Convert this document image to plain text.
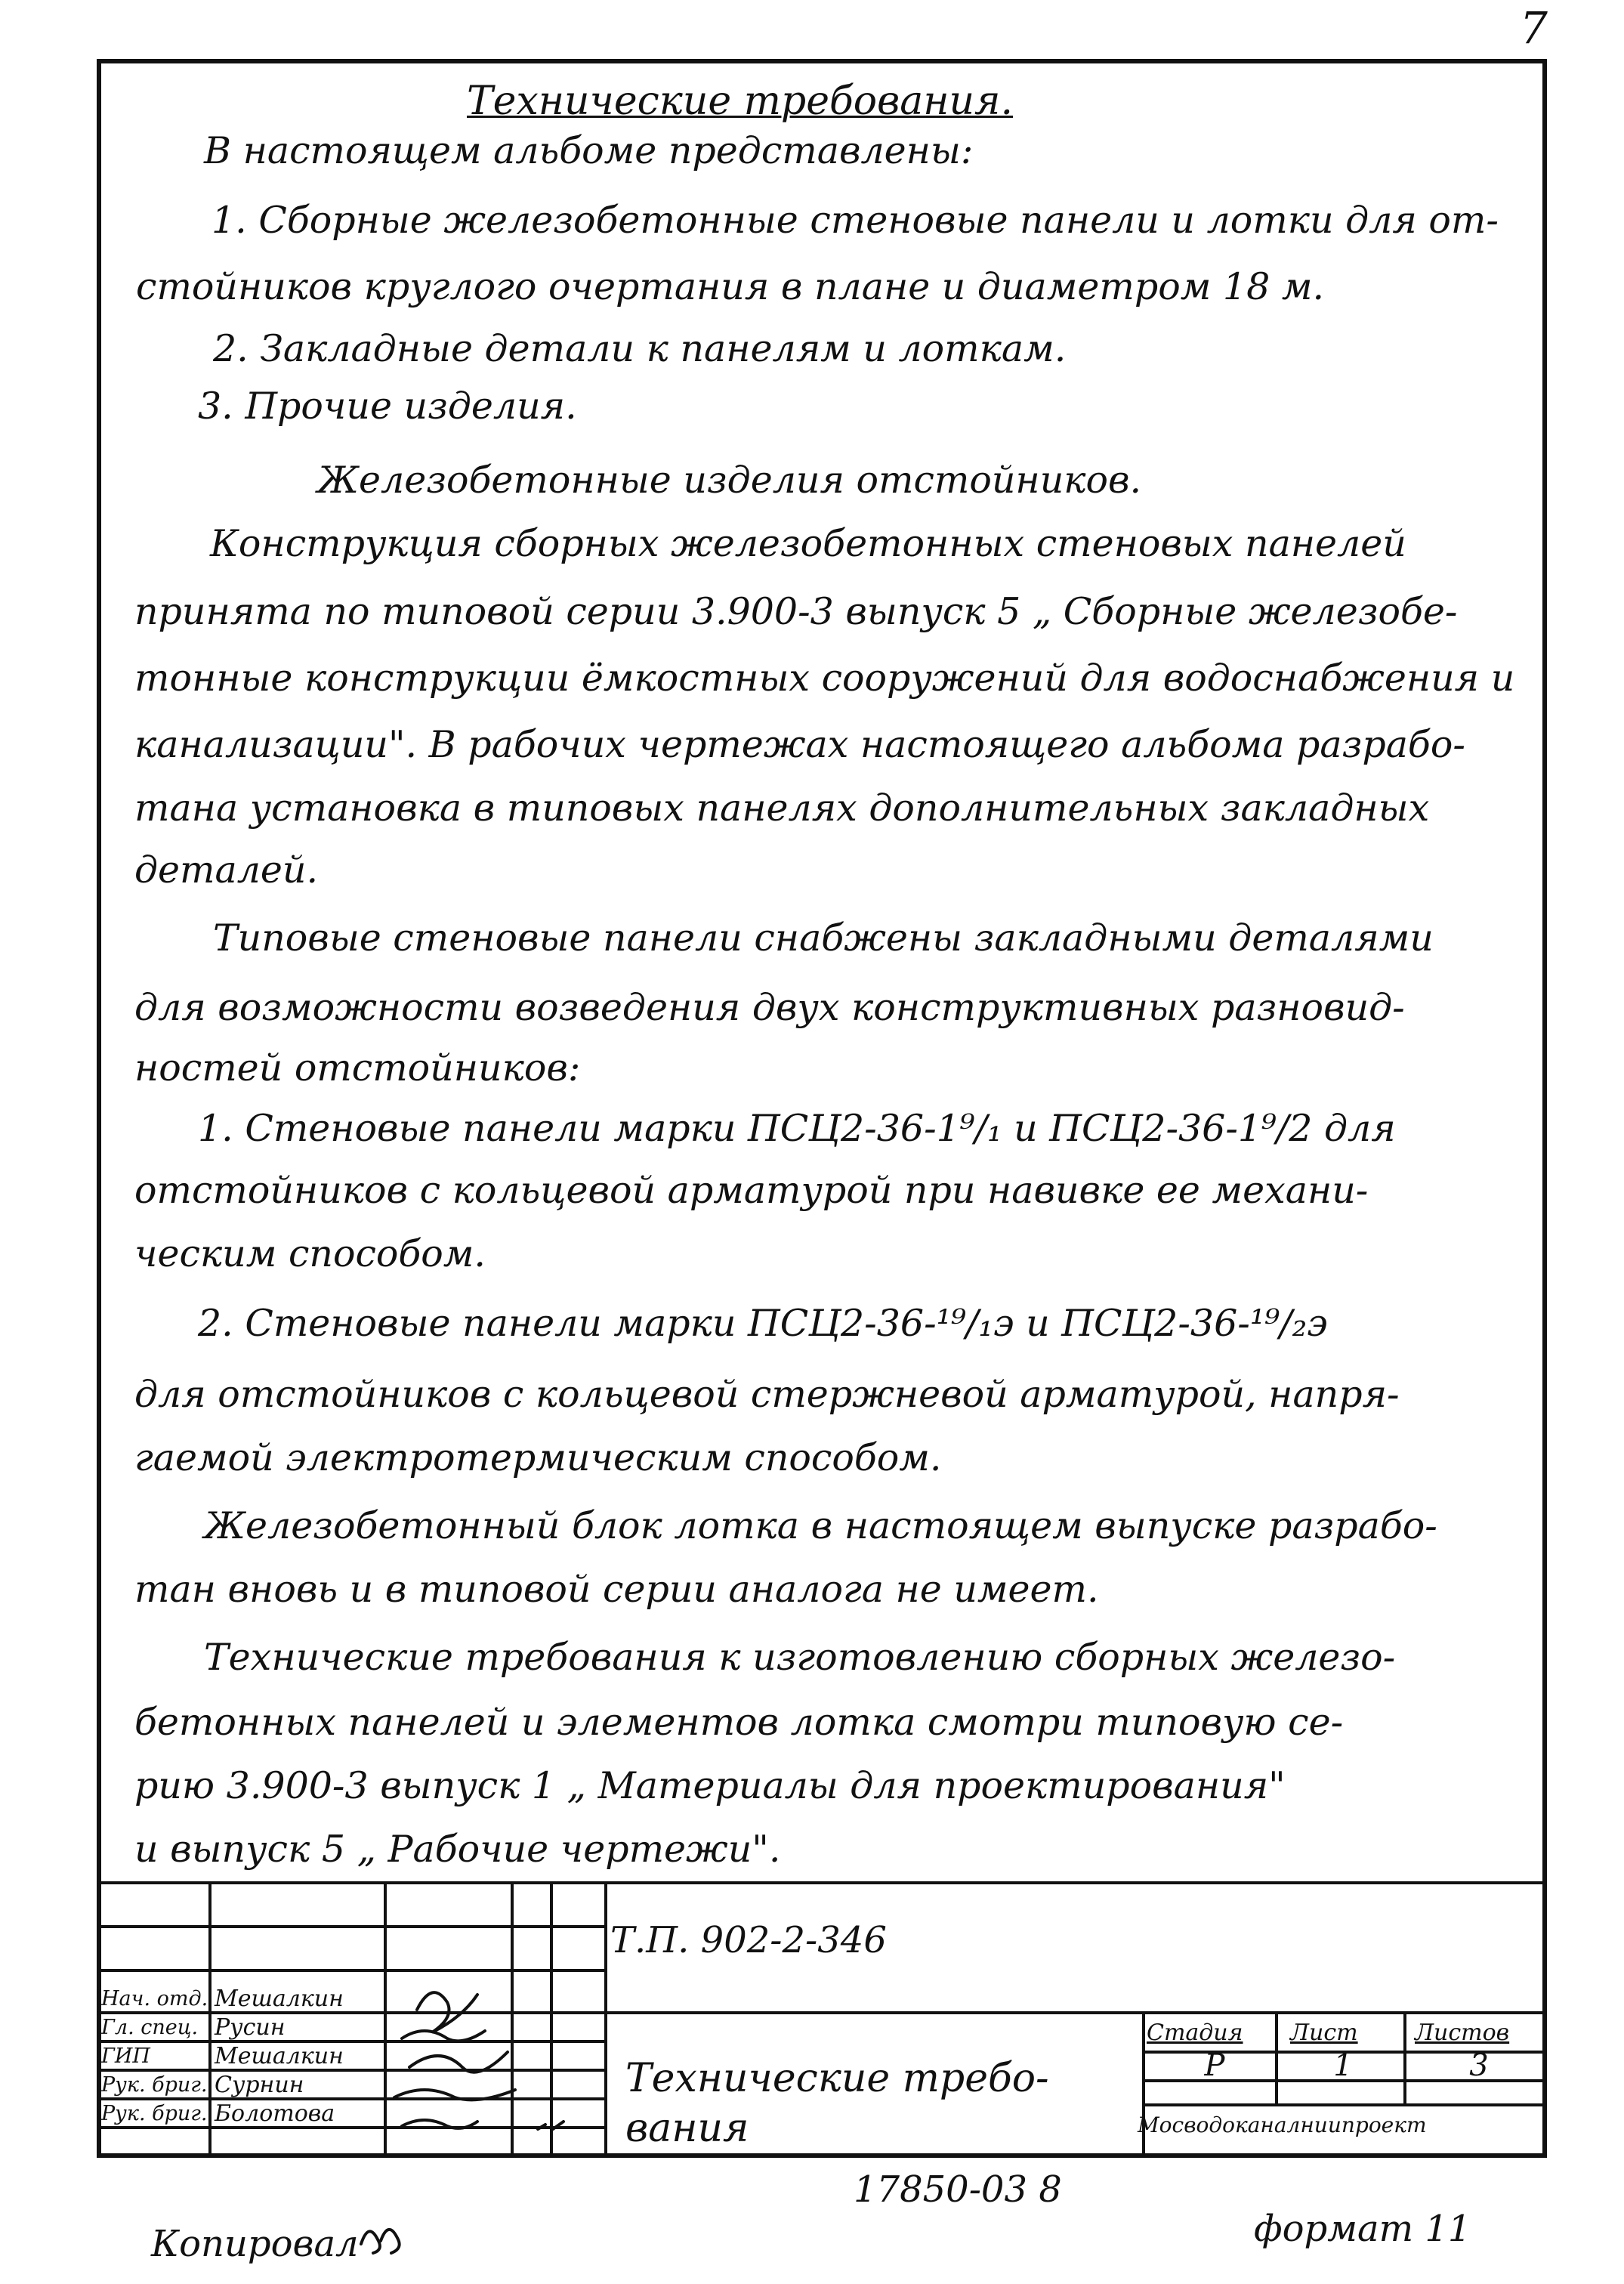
7
Технические требования.
В настоящем альбоме представлены:
1. Сборные железобетонные стеновые панели и лотки для от-
стойников круглого очертания в плане и диаметром 18 м.
2. Закладные детали к панелям и лоткам.
3. Прочие изделия.
Железобетонные изделия отстойников.
Конструкция сборных железобетонных стеновых панелей
принята по типовой серии 3.900-3 выпуск 5 „ Сборные железобе-
тонные конструкции ёмкостных сооружений для водоснабжения и
канализации". В рабочих чертежах настоящего альбома разрабо-
тана установка в типовых панелях дополнительных закладных
деталей.
Типовые стеновые панели снабжены закладными деталями
для возможности возведения двух конструктивных разновид-
ностей отстойников:
1. Стеновые панели марки ПСЦ2-36-1⁹/₁ и ПСЦ2-36-1⁹/2 для
отстойников с кольцевой арматурой при навивке ее механи-
ческим способом.
2. Стеновые панели марки ПСЦ2-36-¹⁹/₁э и ПСЦ2-36-¹⁹/₂э
для отстойников с кольцевой стержневой арматурой, напря-
гаемой электротермическим способом.
Железобетонный блок лотка в настоящем выпуске разрабо-
тан вновь и в типовой серии аналога не имеет.
Технические требования к изготовлению сборных железо-
бетонных панелей и элементов лотка смотри типовую се-
рию 3.900-3 выпуск 1 „ Материалы для проектирования"
и выпуск 5 „ Рабочие чертежи".
Нач. отд. Мешалкин
Гл. спец. Русин
ГИП	Мешалкин
Рук. бриг. Сурнин
Рук. бриг. Болотова
Т.П. 902-2-346
Технические требо-
вания
Стадия Лист	Листов
Р	1	3
Мосводоканалниипроект
17850-03 8
Копировал	формат 11
